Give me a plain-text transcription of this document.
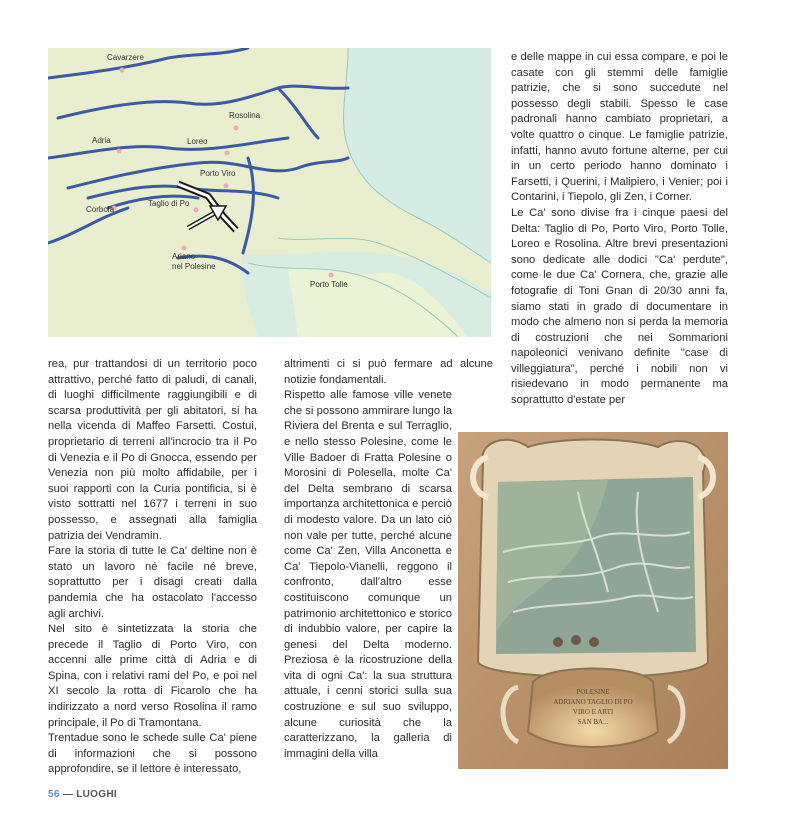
Cavarzere
Rosolina
Adria	Loreo
Porto Viro
Taglio di Po
Corbola
Ariano
nel Polesine
Porto Tolle

rea, pur trattandosi di un territorio poco attrattivo, perché fatto di paludi, di canali, di luoghi difficilmente raggiungibili e di scarsa produttività per gli abitatori, si ha nella vicenda di Maffeo Farsetti. Costui, proprietario di terreni all'incrocio tra il Po di Venezia e il Po di Gnocca, essendo per Venezia non più molto affidabile, per i suoi rapporti con la Curia pontificia, si è visto sottratti nel 1677 i terreni in suo possesso, e assegnati alla famiglia patrizia dei Vendramin.

Fare la storia di tutte le Ca' deltine non è stato un lavoro né facile né breve, soprattutto per i disagi creati dalla pandemia che ha ostacolato l'accesso agli archivi.

Nel sito è sintetizzata la storia che precede il Taglio di Porto Viro, con accenni alle prime città di Adria e di Spina, con i relativi rami del Po, e poi nel XI secolo la rotta di Ficarolo che ha indirizzato a nord verso Rosolina il ramo principale, il Po di Tramontana.

Trentadue sono le schede sulle Ca' piene di informazioni che si possono approfondire, se il lettore è interessato,

altrimenti ci si può fermare ad alcune notizie fondamentali.

Rispetto alle famose ville venete che si possono ammirare lungo la Riviera del Brenta e sul Terraglio, e nello stesso Polesine, come le Ville Badoer di Fratta Polesine o Morosini di Polesella, molte Ca' del Delta sembrano di scarsa importanza architettonica e perciò di modesto valore. Da un lato ciò non vale per tutte, perché alcune come Ca' Zen, Villa Anconetta e Ca' Tiepolo-Vianelli, reggono il confronto, dall'altro esse costituiscono comunque un patrimonio architettonico e storico di indubbio valore, per capire la genesi del Delta moderno. Preziosa è la ricostruzione della vita di ogni Ca': la sua struttura attuale, i cenni storici sulla sua costruzione e sul suo sviluppo, alcune curiosità che la caratterizzano, la galleria di immagini della villa

e delle mappe in cui essa compare, e poi le casate con gli stemmi delle famiglie patrizie, che si sono succedute nel possesso degli stabili. Spesso le case padronali hanno cambiato proprietari, a volte quattro o cinque. Le famiglie patrizie, infatti, hanno avuto fortune alterne, per cui in un certo periodo hanno dominato i Farsetti, i Querini, i Malipiero, i Venier; poi i Contarini, i Tiepolo, gli Zen, i Corner.

Le Ca' sono divise fra i cinque paesi del Delta: Taglio di Po, Porto Viro, Porto Tolle, Loreo e Rosolina. Altre brevi presentazioni sono dedicate alle dodici "Ca' perdute", come le due Ca' Cornera, che, grazie alle fotografie di Toni Gnan di 20/30 anni fa, siamo stati in grado di documentare in modo che almeno non si perda la memoria di costruzioni che nei Sommarioni napoleonici venivano definite "case di villeggiatura", perché i nobili non vi risiedevano in modo permanente ma soprattutto d'estate per

POLESINE
ADRIANO TAGLIO DI PO
VIRO E ARTI
SAN BA...
56 — LUOGHI
